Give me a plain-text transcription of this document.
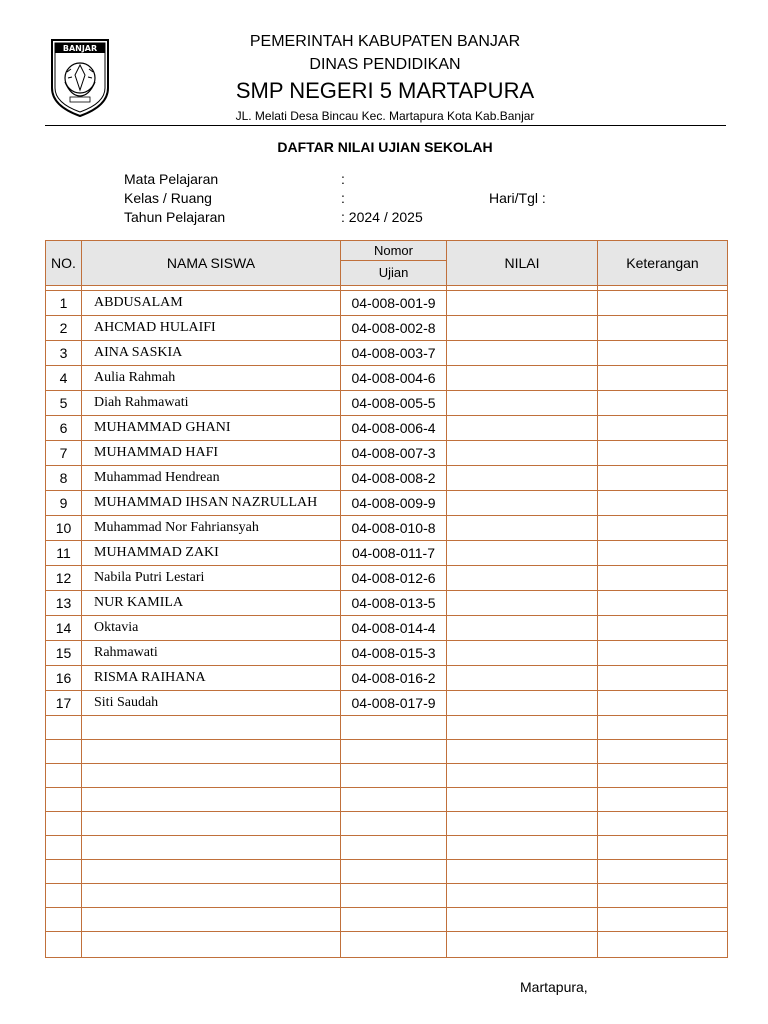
BANJAR	PEMERINTAH KABUPATEN BANJAR
DINAS PENDIDIKAN
SMP NEGERI 5 MARTAPURA
JL. Melati Desa Bincau Kec. Martapura Kota Kab.Banjar
DAFTAR NILAI UJIAN SEKOLAH
Mata Pelajaran	:
Kelas / Ruang	:	Hari/Tgl :
Tahun Pelajaran	: 2024 / 2025
NO.	NAMA SISWA	Nomor	NILAI	Keterangan
		Ujian		

1	ABDUSALAM	04-008-001-9		
2	AHCMAD HULAIFI	04-008-002-8		
3	AINA SASKIA	04-008-003-7		
4	Aulia Rahmah	04-008-004-6		
5	Diah Rahmawati	04-008-005-5		
6	MUHAMMAD GHANI	04-008-006-4		
7	MUHAMMAD HAFI	04-008-007-3		
8	Muhammad Hendrean	04-008-008-2		
9	MUHAMMAD IHSAN NAZRULLAH	04-008-009-9		
10	Muhammad Nor Fahriansyah	04-008-010-8		
11	MUHAMMAD ZAKI	04-008-011-7		
12	Nabila Putri Lestari	04-008-012-6		
13	NUR KAMILA	04-008-013-5		
14	Oktavia	04-008-014-4		
15	Rahmawati	04-008-015-3		
16	RISMA RAIHANA	04-008-016-2		
17	Siti Saudah	04-008-017-9		

Martapura,
